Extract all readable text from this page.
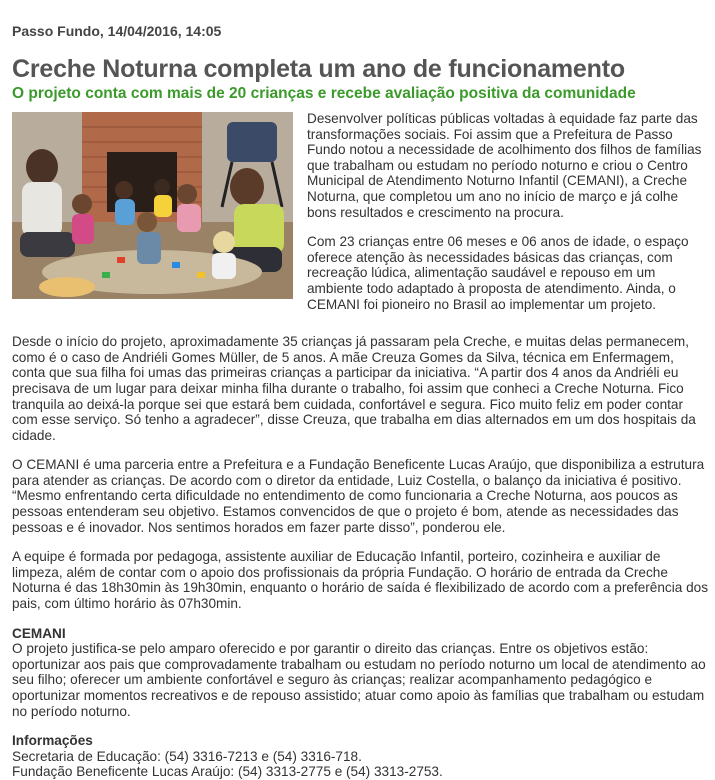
Passo Fundo, 14/04/2016, 14:05
Creche Noturna completa um ano de funcionamento
O projeto conta com mais de 20 crianças e recebe avaliação positiva da comunidade

Desenvolver políticas públicas voltadas à equidade faz parte das transformações sociais. Foi assim que a Prefeitura de Passo Fundo notou a necessidade de acolhimento dos filhos de famílias que trabalham ou estudam no período noturno e criou o Centro Municipal de Atendimento Noturno Infantil (CEMANI), a Creche Noturna, que completou um ano no início de março e já colhe bons resultados e crescimento na procura.

Com 23 crianças entre 06 meses e 06 anos de idade, o espaço oferece atenção às necessidades básicas das crianças, com recreação lúdica, alimentação saudável e repouso em um ambiente todo adaptado à proposta de atendimento. Ainda, o CEMANI foi pioneiro no Brasil ao implementar um projeto.

Desde o início do projeto, aproximadamente 35 crianças já passaram pela Creche, e muitas delas permanecem, como é o caso de Andriéli Gomes Müller, de 5 anos. A mãe Creuza Gomes da Silva, técnica em Enfermagem, conta que sua filha foi umas das primeiras crianças a participar da iniciativa. “A partir dos 4 anos da Andriéli eu precisava de um lugar para deixar minha filha durante o trabalho, foi assim que conheci a Creche Noturna. Fico tranquila ao deixá-la porque sei que estará bem cuidada, confortável e segura. Fico muito feliz em poder contar com esse serviço. Só tenho a agradecer”, disse Creuza, que trabalha em dias alternados em um dos hospitais da cidade.

O CEMANI é uma parceria entre a Prefeitura e a Fundação Beneficente Lucas Araújo, que disponibiliza a estrutura para atender as crianças. De acordo com o diretor da entidade, Luiz Costella, o balanço da iniciativa é positivo. “Mesmo enfrentando certa dificuldade no entendimento de como funcionaria a Creche Noturna, aos poucos as pessoas entenderam seu objetivo. Estamos convencidos de que o projeto é bom, atende as necessidades das pessoas e é inovador. Nos sentimos horados em fazer parte disso”, ponderou ele.

A equipe é formada por pedagoga, assistente auxiliar de Educação Infantil, porteiro, cozinheira e auxiliar de limpeza, além de contar com o apoio dos profissionais da própria Fundação. O horário de entrada da Creche Noturna é das 18h30min às 19h30min, enquanto o horário de saída é flexibilizado de acordo com a preferência dos pais, com último horário às 07h30min.

CEMANI

O projeto justifica-se pelo amparo oferecido e por garantir o direito das crianças. Entre os objetivos estão: oportunizar aos pais que comprovadamente trabalham ou estudam no período noturno um local de atendimento ao seu filho; oferecer um ambiente confortável e seguro às crianças; realizar acompanhamento pedagógico e oportunizar momentos recreativos e de repouso assistido; atuar como apoio às famílias que trabalham ou estudam no período noturno.

Informações

Secretaria de Educação: (54) 3316-7213 e (54) 3316-718.

Fundação Beneficente Lucas Araújo: (54) 3313-2775 e (54) 3313-2753.
